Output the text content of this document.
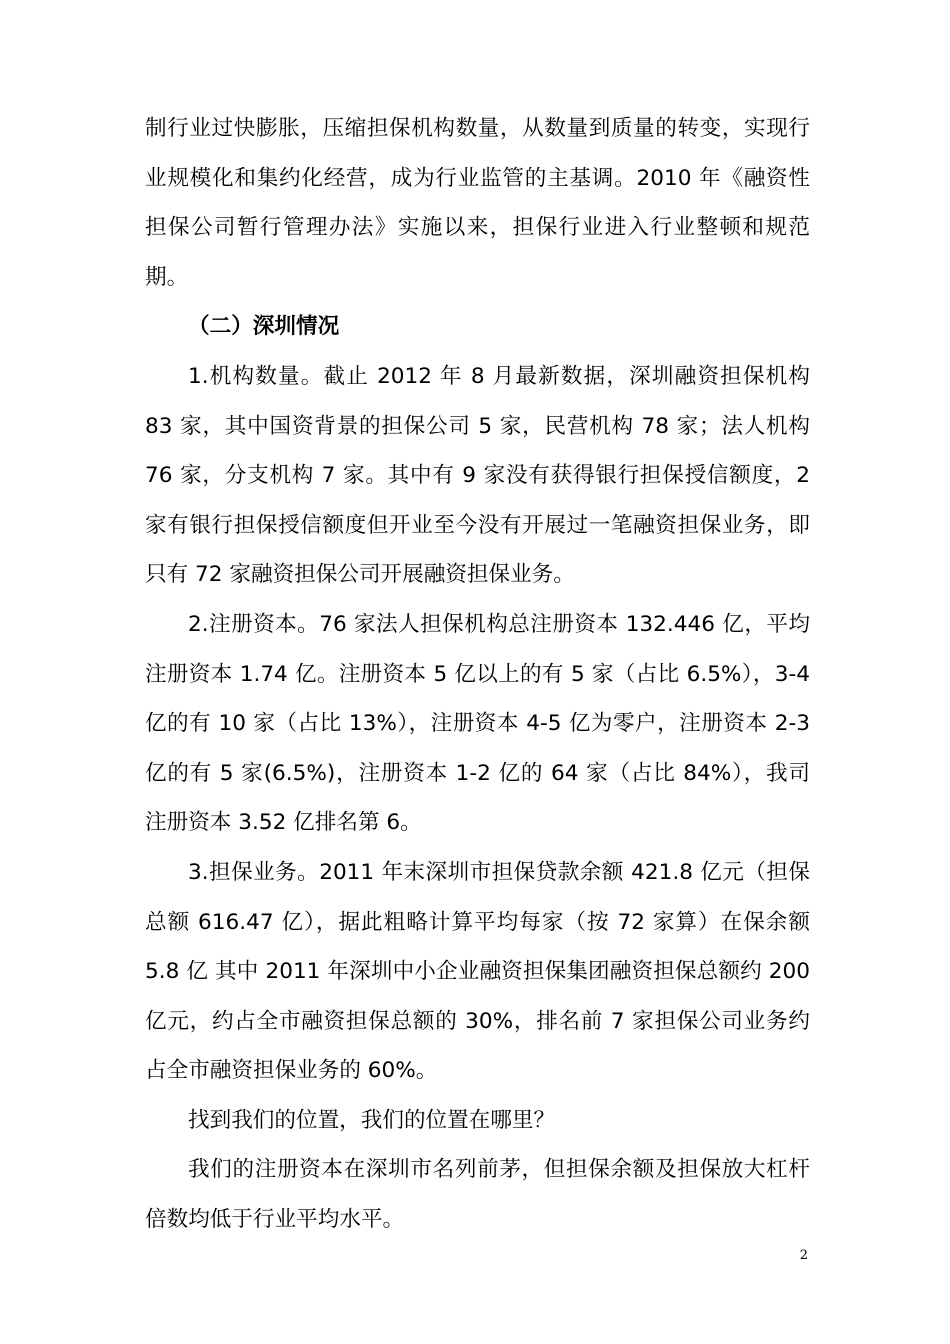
制行业过快膨胀，压缩担保机构数量，从数量到质量的转变，实现行业规模化和集约化经营，成为行业监管的主基调。2010 年《融资性担保公司暂行管理办法》实施以来，担保行业进入行业整顿和规范期。

（二）深圳情况

1.机构数量。截止 2012 年 8 月最新数据，深圳融资担保机构 83 家，其中国资背景的担保公司 5 家，民营机构 78 家；法人机构 76 家，分支机构 7 家。其中有 9 家没有获得银行担保授信额度，2 家有银行担保授信额度但开业至今没有开展过一笔融资担保业务，即只有 72 家融资担保公司开展融资担保业务。

2.注册资本。76 家法人担保机构总注册资本 132.446 亿，平均注册资本 1.74 亿。注册资本 5 亿以上的有 5 家（占比 6.5%），3-4 亿的有 10 家（占比 13%），注册资本 4-5 亿为零户，注册资本 2-3 亿的有 5 家(6.5%)，注册资本 1-2 亿的 64 家（占比 84%），我司注册资本 3.52 亿排名第 6。

3.担保业务。2011 年末深圳市担保贷款余额 421.8 亿元（担保总额 616.47 亿），据此粗略计算平均每家（按 72 家算）在保余额 5.8 亿 其中 2011 年深圳中小企业融资担保集团融资担保总额约 200 亿元，约占全市融资担保总额的 30%，排名前 7 家担保公司业务约占全市融资担保业务的 60%。

找到我们的位置，我们的位置在哪里？

我们的注册资本在深圳市名列前茅，但担保余额及担保放大杠杆倍数均低于行业平均水平。

2
